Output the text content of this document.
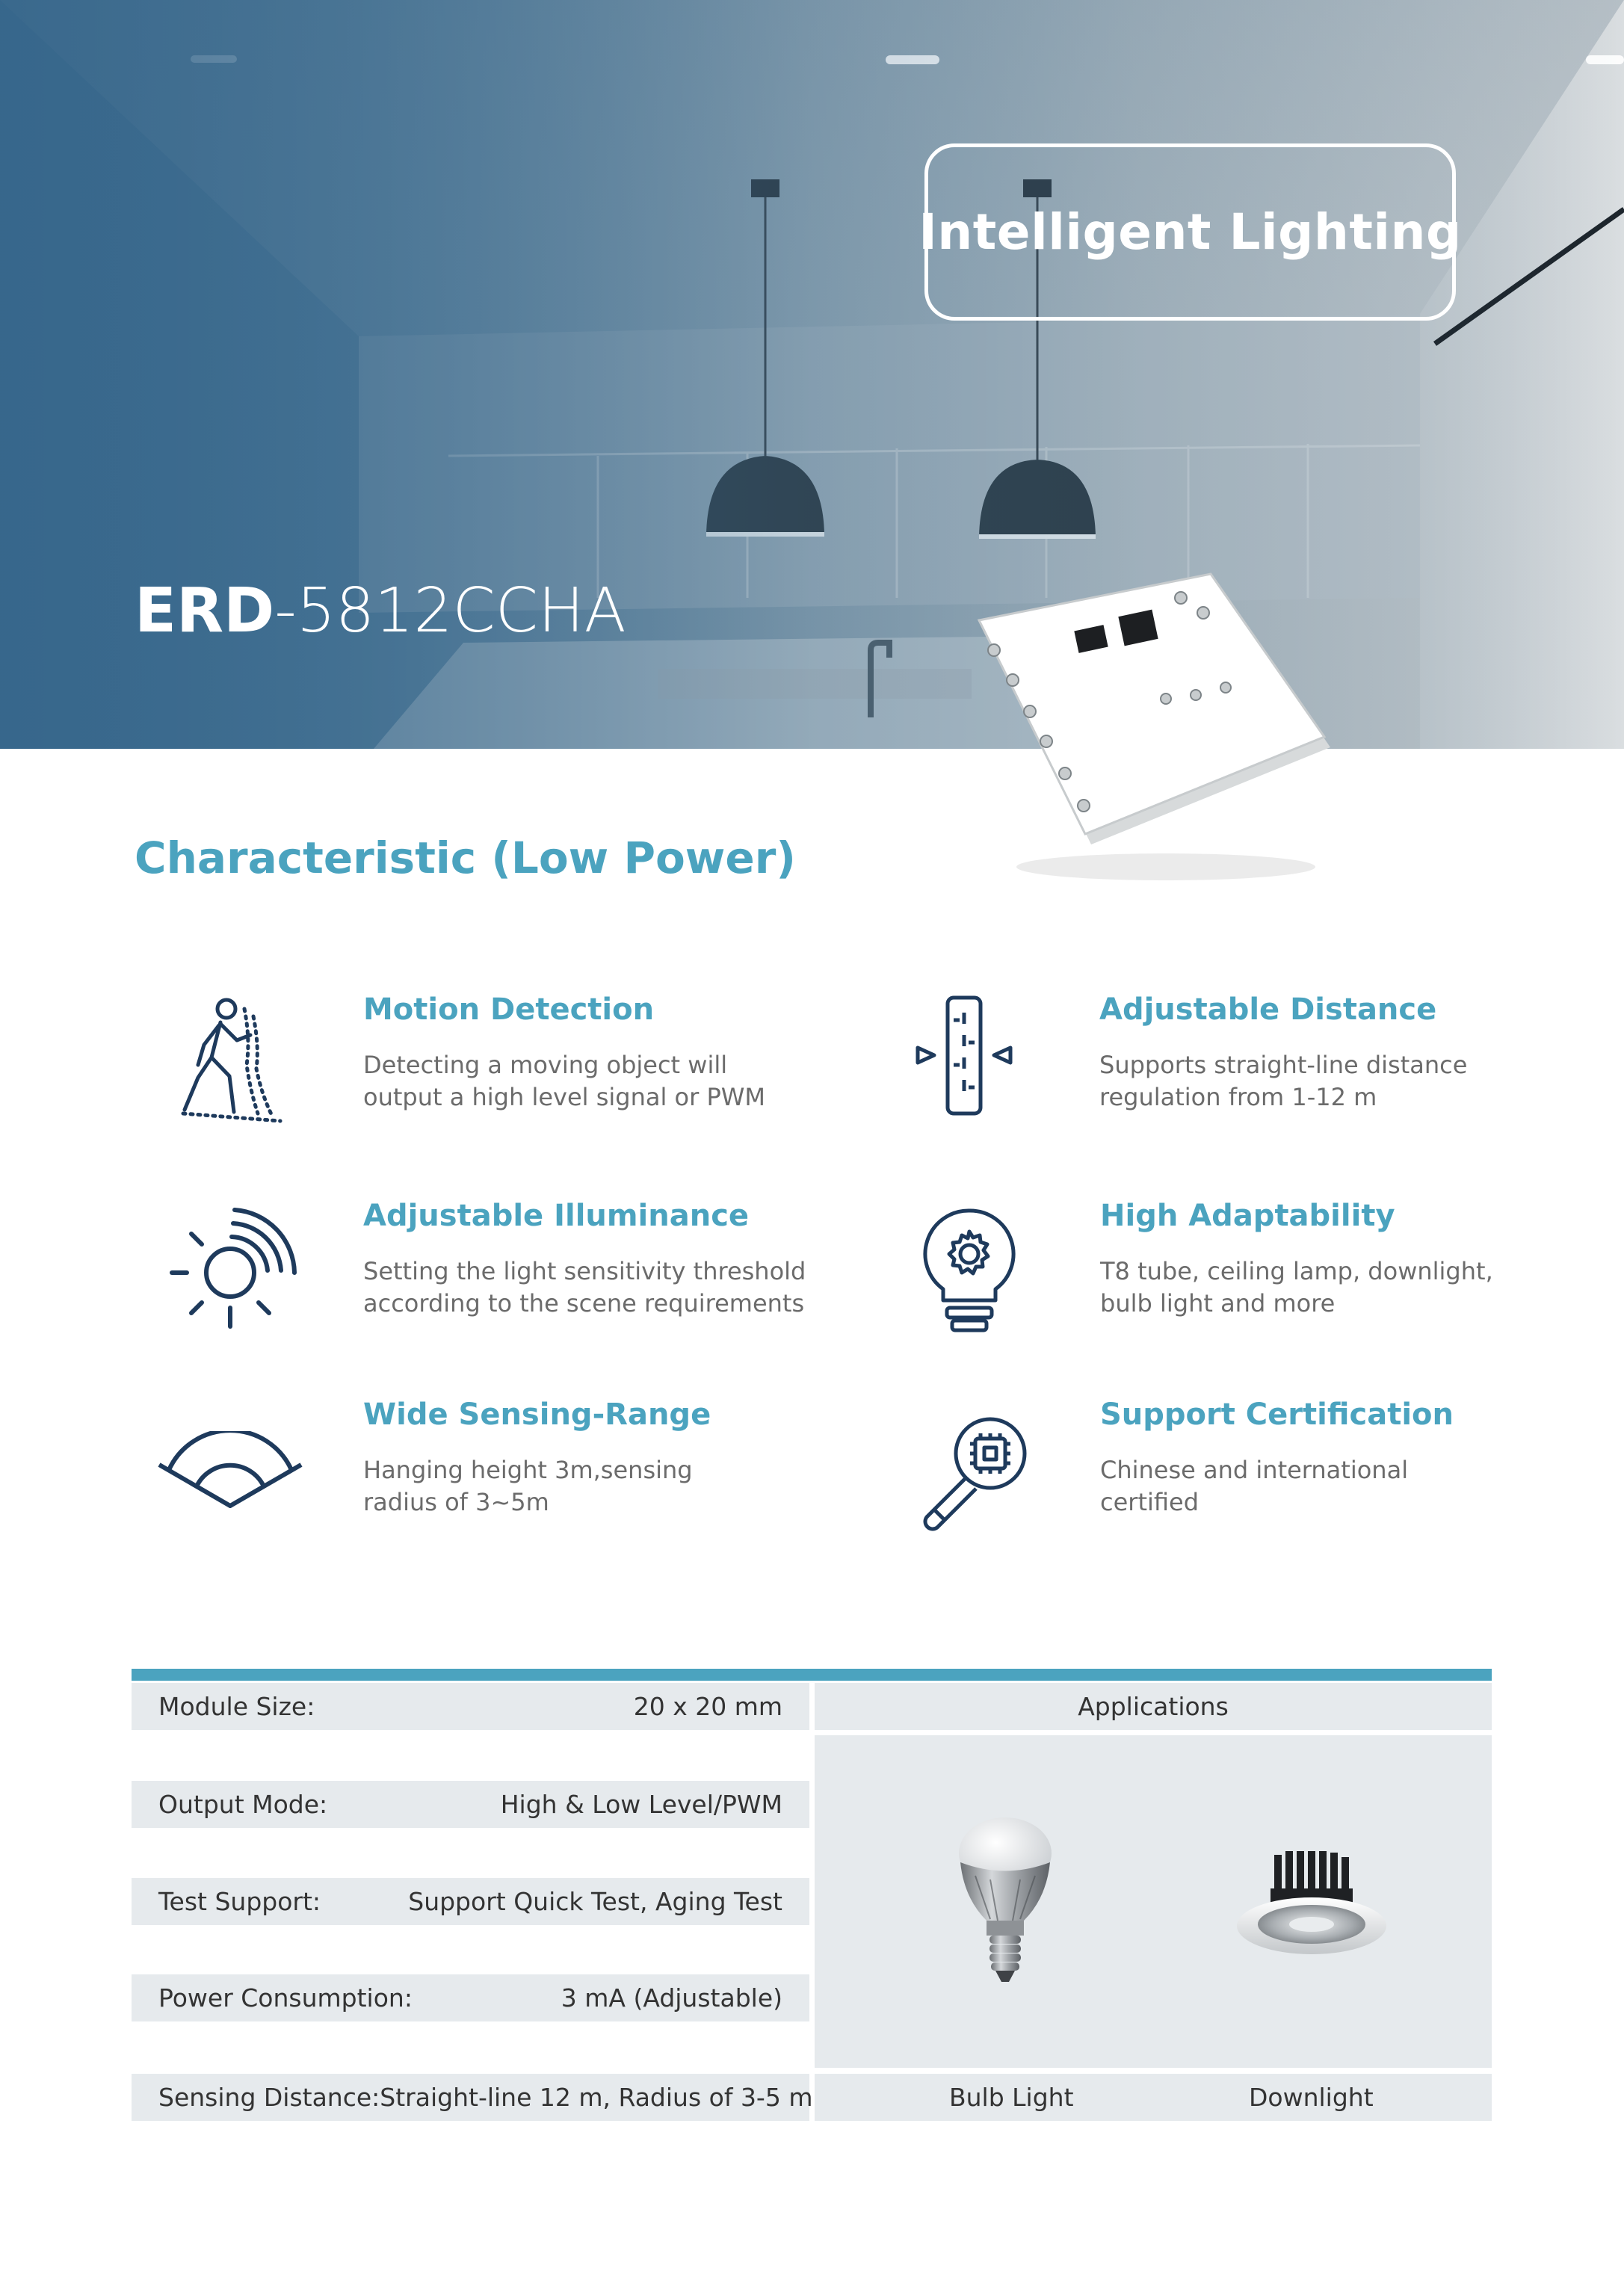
Intelligent Lighting
ERD-5812CCHA
Characteristic (Low Power)
Motion Detection
Detecting a moving object will
output a high level signal or PWM
Adjustable Distance
Supports straight-line distance
regulation from 1-12 m
Adjustable Illuminance
Setting the light sensitivity threshold
according to the scene requirements
High Adaptability
T8 tube, ceiling lamp, downlight,
bulb light and more
Wide Sensing-Range
Hanging height 3m,sensing
radius of 3~5m
Support Certification
Chinese and international
certified
Module Size:	20 x 20 mm
Output Mode:	High & Low Level/PWM
Test Support:	Support Quick Test, Aging Test
Power Consumption:	3 mA (Adjustable)
Sensing Distance: Straight-line 12 m, Radius of 3-5 m
Applications
Bulb Light	Downlight
